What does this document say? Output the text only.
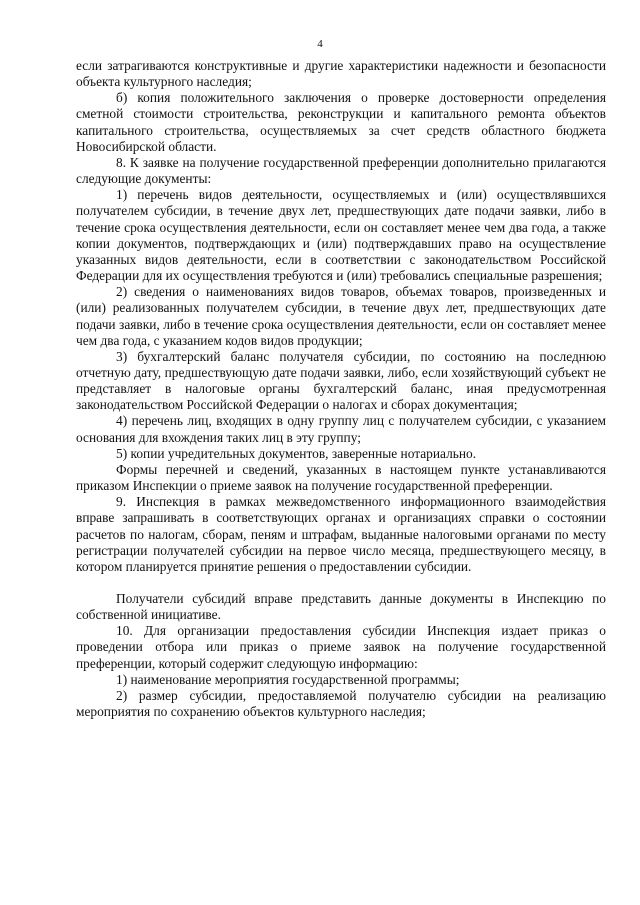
4

если затрагиваются конструктивные и другие характеристики надежности и безопасности объекта культурного наследия;

б) копия положительного заключения о проверке достоверности определения сметной стоимости строительства, реконструкции и капитального ремонта объектов капитального строительства, осуществляемых за счет средств областного бюджета Новосибирской области.

8. К заявке на получение государственной преференции дополнительно прилагаются следующие документы:

1) перечень видов деятельности, осуществляемых и (или) осуществлявшихся получателем субсидии, в течение двух лет, предшествующих дате подачи заявки, либо в течение срока осуществления деятельности, если он составляет менее чем два года, а также копии документов, подтверждающих и (или) подтверждавших право на осуществление указанных видов деятельности, если в соответствии с законодательством Российской Федерации для их осуществления требуются и (или) требовались специальные разрешения;

2) сведения о наименованиях видов товаров, объемах товаров, произведенных и (или) реализованных получателем субсидии, в течение двух лет, предшествующих дате подачи заявки, либо в течение срока осуществления деятельности, если он составляет менее чем два года, с указанием кодов видов продукции;

3) бухгалтерский баланс получателя субсидии, по состоянию на последнюю отчетную дату, предшествующую дате подачи заявки, либо, если хозяйствующий субъект не представляет в налоговые органы бухгалтерский баланс, иная предусмотренная законодательством Российской Федерации о налогах и сборах документация;

4) перечень лиц, входящих в одну группу лиц с получателем субсидии, с указанием основания для вхождения таких лиц в эту группу;

5) копии учредительных документов, заверенные нотариально.

Формы перечней и сведений, указанных в настоящем пункте устанавливаются приказом Инспекции о приеме заявок на получение государственной преференции.

9. Инспекция в рамках межведомственного информационного взаимодействия вправе запрашивать в соответствующих органах и организациях справки о состоянии расчетов по налогам, сборам, пеням и штрафам, выданные налоговыми органами по месту регистрации получателей субсидии на первое число месяца, предшествующего месяцу, в котором планируется принятие решения о предоставлении субсидии.

Получатели субсидий вправе представить данные документы в Инспекцию по собственной инициативе.

10. Для организации предоставления субсидии Инспекция издает приказ о проведении отбора или приказ о приеме заявок на получение государственной преференции, который содержит следующую информацию:

1) наименование мероприятия государственной программы;

2) размер субсидии, предоставляемой получателю субсидии на реализацию мероприятия по сохранению объектов культурного наследия;
